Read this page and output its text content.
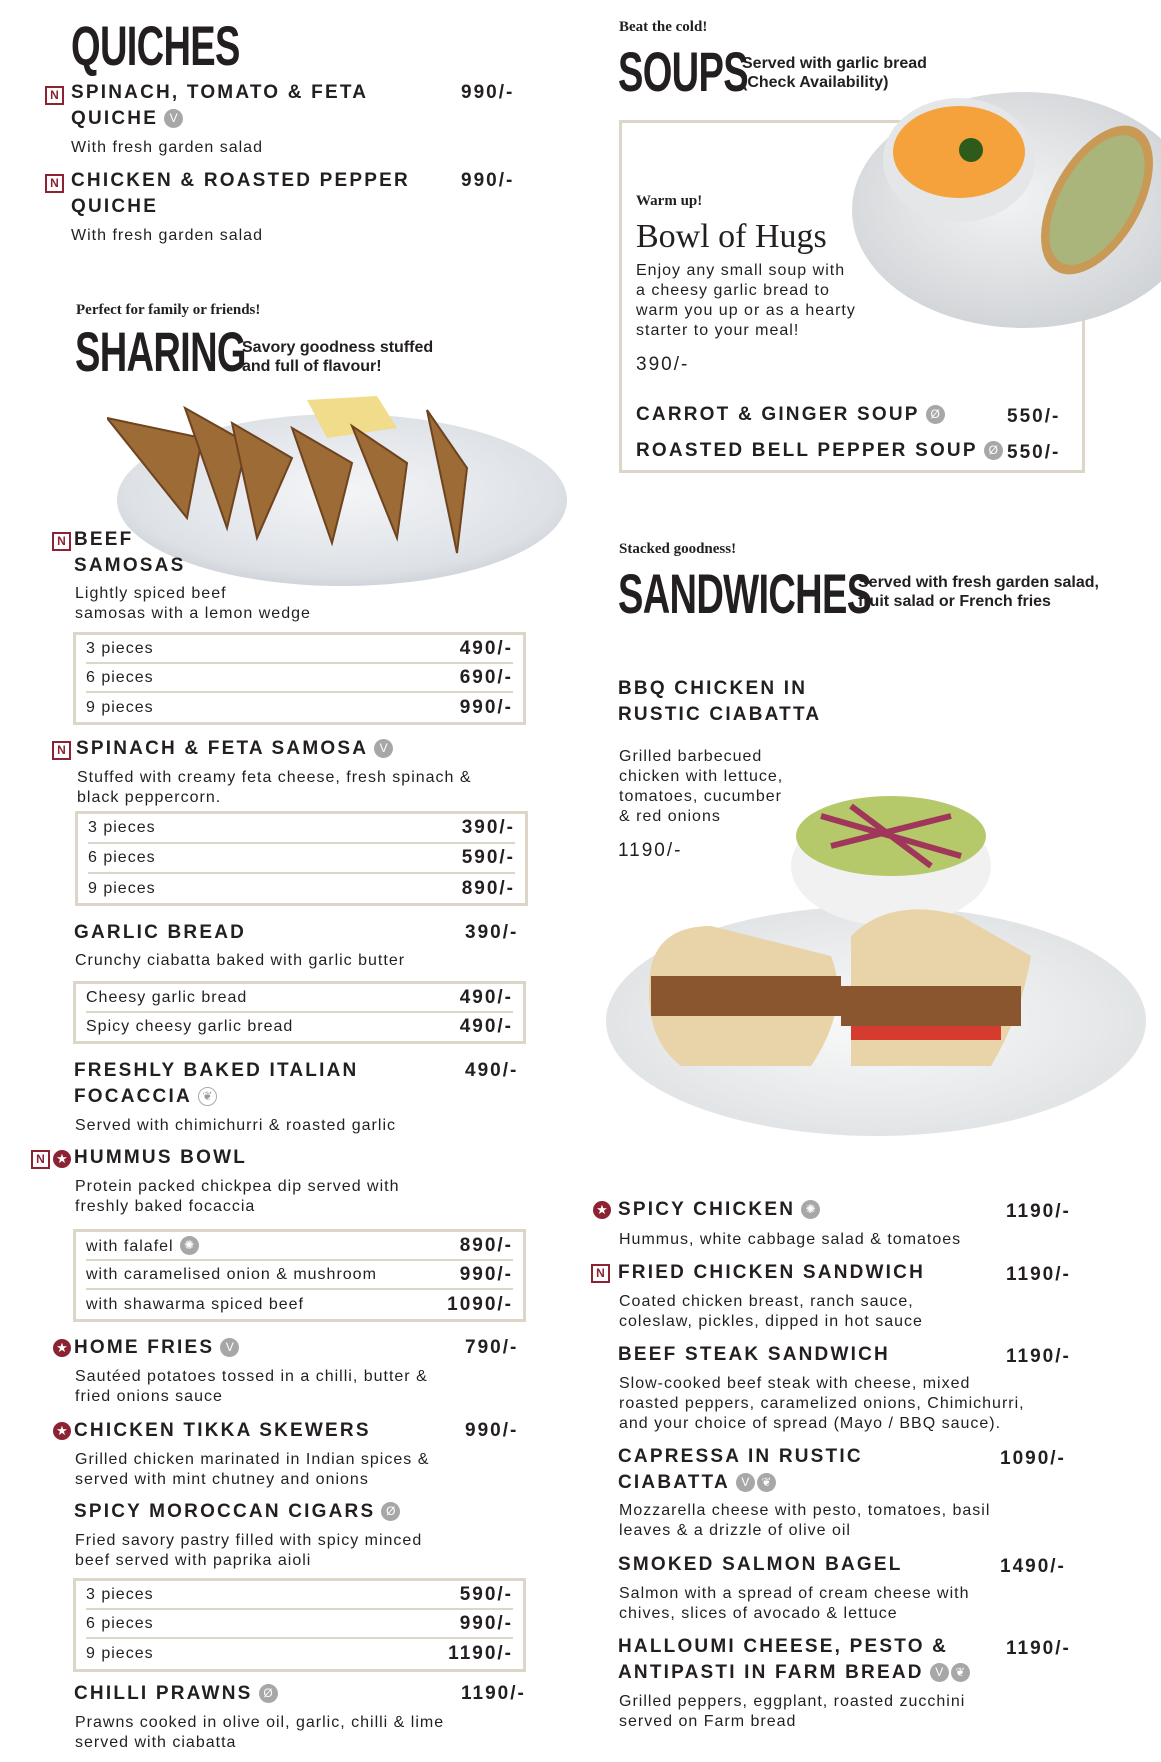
QUICHES
N SPINACH, TOMATO & FETA
QUICHE V
990/-
With fresh garden salad
N CHICKEN & ROASTED PEPPER
QUICHE
990/-
With fresh garden salad
Perfect for family or friends!
SHARING
Savory goodness stuffed
and full of flavour!
N BEEF
SAMOSAS
Lightly spiced beef
samosas with a lemon wedge
3 pieces	490/-
6 pieces	690/-
9 pieces	990/-
N SPINACH & FETA SAMOSA V
Stuffed with creamy feta cheese, fresh spinach &
black peppercorn.
3 pieces	390/-
6 pieces	590/-
9 pieces	890/-
GARLIC BREAD	390/-
Crunchy ciabatta baked with garlic butter
Cheesy garlic bread	490/-
Spicy cheesy garlic bread	490/-
FRESHLY BAKED ITALIAN
FOCACCIA ❦
490/-
Served with chimichurri & roasted garlic
N ★ HUMMUS BOWL
Protein packed chickpea dip served with
freshly baked focaccia
with falafel ✺	890/-
with caramelised onion & mushroom	990/-
with shawarma spiced beef	1090/-
★ HOME FRIES V	790/-
Sautéed potatoes tossed in a chilli, butter &
fried onions sauce
★ CHICKEN TIKKA SKEWERS	990/-
Grilled chicken marinated in Indian spices &
served with mint chutney and onions
SPICY MOROCCAN CIGARS Ø
Fried savory pastry filled with spicy minced
beef served with paprika aioli
3 pieces	590/-
6 pieces	990/-
9 pieces	1190/-
CHILLI PRAWNS Ø	1190/-
Prawns cooked in olive oil, garlic, chilli & lime
served with ciabatta
Beat the cold!
SOUPS
Served with garlic bread
(Check Availability)
Warm up!
Bowl of Hugs
Enjoy any small soup with
a cheesy garlic bread to
warm you up or as a hearty
starter to your meal!
390/-
CARROT & GINGER SOUP Ø	550/-
ROASTED BELL PEPPER SOUP Ø 550/-
Stacked goodness!
SANDWICHES
Served with fresh garden salad,
fruit salad or French fries
BBQ CHICKEN IN
RUSTIC CIABATTA
Grilled barbecued
chicken with lettuce,
tomatoes, cucumber
& red onions
1190/-
★ SPICY CHICKEN ✺	1190/-
Hummus, white cabbage salad & tomatoes
N FRIED CHICKEN SANDWICH	1190/-
Coated chicken breast, ranch sauce,
coleslaw, pickles, dipped in hot sauce
BEEF STEAK SANDWICH	1190/-
Slow-cooked beef steak with cheese, mixed
roasted peppers, caramelized onions, Chimichurri,
and your choice of spread (Mayo / BBQ sauce).
CAPRESSA IN RUSTIC
CIABATTA V ❦
1090/-
Mozzarella cheese with pesto, tomatoes, basil
leaves & a drizzle of olive oil
SMOKED SALMON BAGEL	1490/-
Salmon with a spread of cream cheese with
chives, slices of avocado & lettuce
HALLOUMI CHEESE, PESTO &
ANTIPASTI IN FARM BREAD V ❦
1190/-
Grilled peppers, eggplant, roasted zucchini
served on Farm bread
